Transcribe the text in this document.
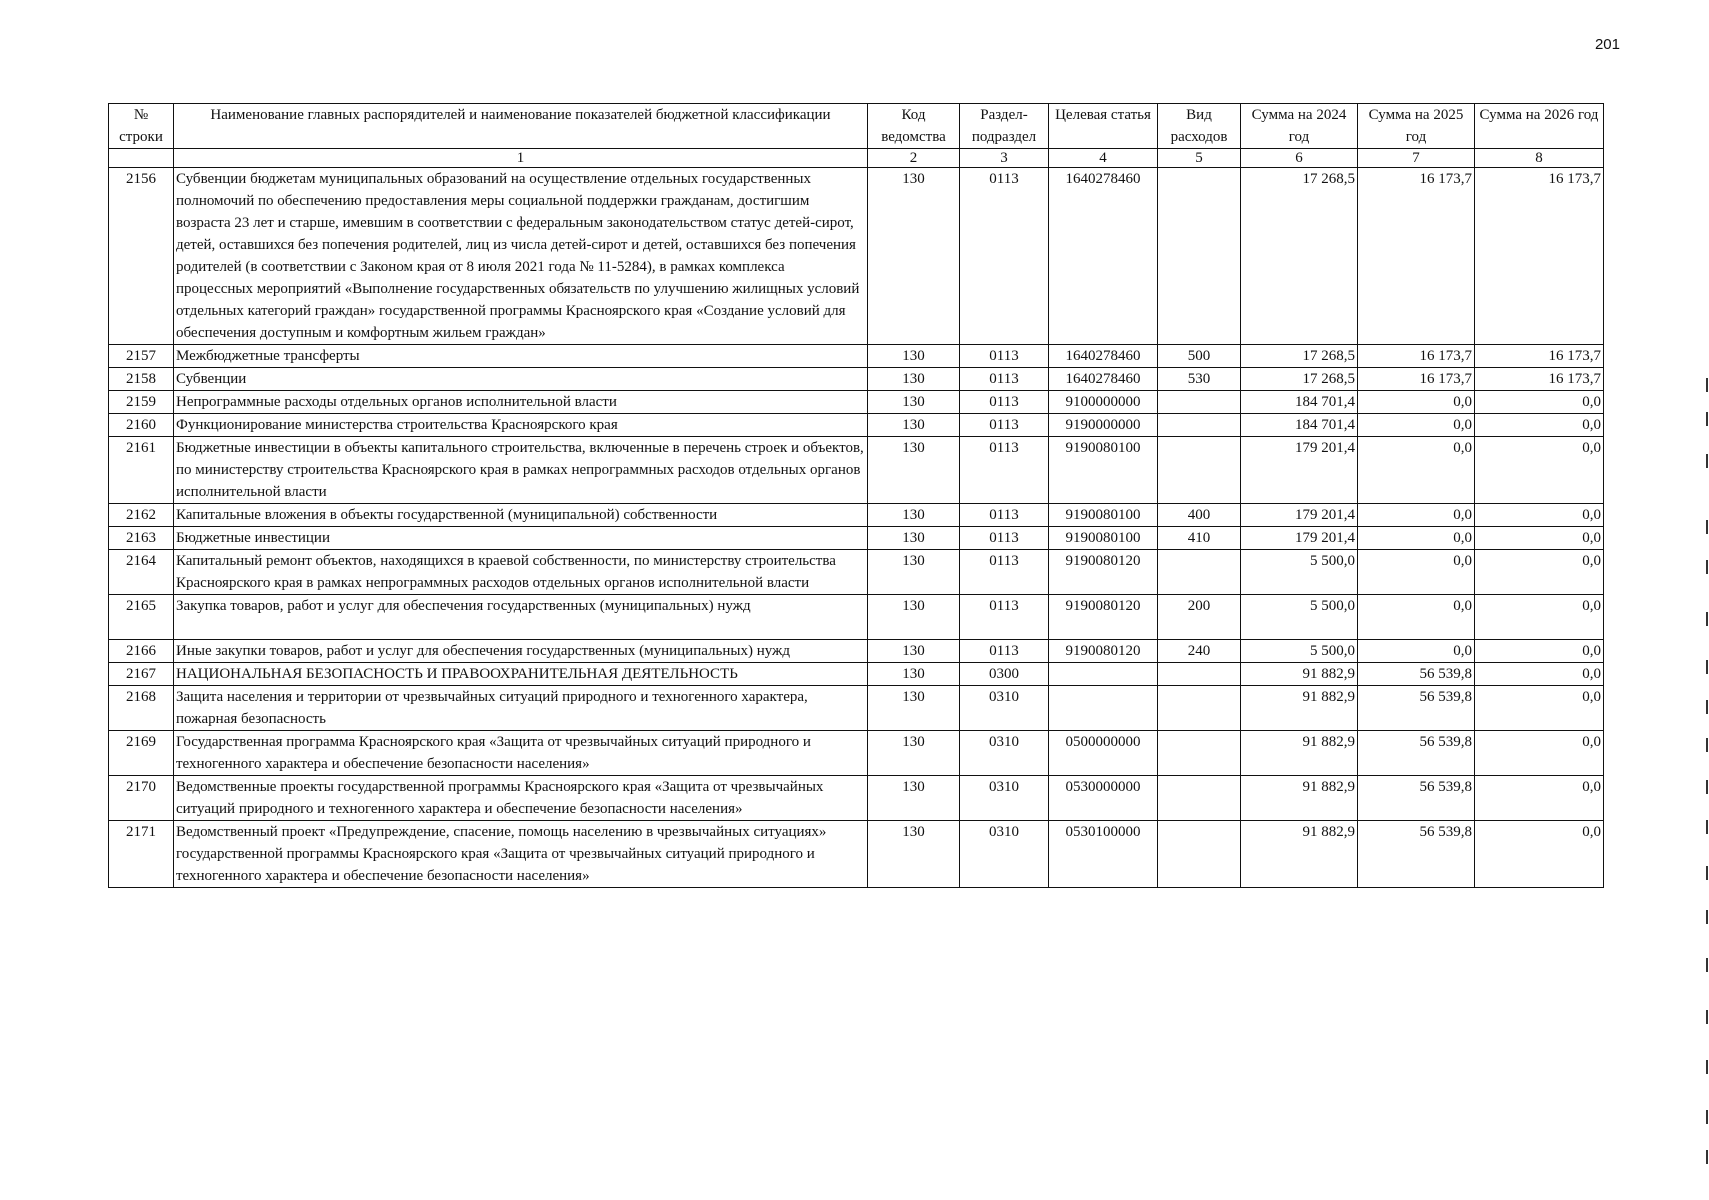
201
№ строки	Наименование главных распорядителей и наименование показателей бюджетной классификации	Код ведомства	Раздел-подраздел	Целевая статья	Вид расходов	Сумма на 2024 год	Сумма на 2025 год	Сумма на 2026 год
	1	2	3	4	5	6	7	8
2156	Субвенции бюджетам муниципальных образований на осуществление отдельных государственных полномочий по обеспечению предоставления меры социальной поддержки гражданам, достигшим возраста 23 лет и старше, имевшим в соответствии с федеральным законодательством статус детей-сирот, детей, оставшихся без попечения родителей, лиц из числа детей-сирот и детей, оставшихся без попечения родителей (в соответствии с Законом края от 8 июля 2021 года № 11-5284), в рамках комплекса процессных мероприятий «Выполнение государственных обязательств по улучшению жилищных условий отдельных категорий граждан» государственной программы Красноярского края «Создание условий для обеспечения доступным и комфортным жильем граждан»	130	0113	1640278460		17 268,5	16 173,7	16 173,7
2157	Межбюджетные трансферты	130	0113	1640278460	500	17 268,5	16 173,7	16 173,7
2158	Субвенции	130	0113	1640278460	530	17 268,5	16 173,7	16 173,7
2159	Непрограммные расходы отдельных органов исполнительной власти	130	0113	9100000000		184 701,4	0,0	0,0
2160	Функционирование министерства строительства Красноярского края	130	0113	9190000000		184 701,4	0,0	0,0
2161	Бюджетные инвестиции в объекты капитального строительства, включенные в перечень строек и объектов, по министерству строительства Красноярского края в рамках непрограммных расходов отдельных органов исполнительной власти	130	0113	9190080100		179 201,4	0,0	0,0
2162	Капитальные вложения в объекты государственной (муниципальной) собственности	130	0113	9190080100	400	179 201,4	0,0	0,0
2163	Бюджетные инвестиции	130	0113	9190080100	410	179 201,4	0,0	0,0
2164	Капитальный ремонт объектов, находящихся в краевой собственности, по министерству строительства Красноярского края в рамках непрограммных расходов отдельных органов исполнительной власти	130	0113	9190080120		5 500,0	0,0	0,0
2165	Закупка товаров, работ и услуг для обеспечения государственных (муниципальных) нужд	130	0113	9190080120	200	5 500,0	0,0	0,0
2166	Иные закупки товаров, работ и услуг для обеспечения государственных (муниципальных) нужд	130	0113	9190080120	240	5 500,0	0,0	0,0
2167	НАЦИОНАЛЬНАЯ БЕЗОПАСНОСТЬ И ПРАВООХРАНИТЕЛЬНАЯ ДЕЯТЕЛЬНОСТЬ	130	0300			91 882,9	56 539,8	0,0
2168	Защита населения и территории от чрезвычайных ситуаций природного и техногенного характера, пожарная безопасность	130	0310			91 882,9	56 539,8	0,0
2169	Государственная программа Красноярского края «Защита от чрезвычайных ситуаций природного и техногенного характера и обеспечение безопасности населения»	130	0310	0500000000		91 882,9	56 539,8	0,0
2170	Ведомственные проекты государственной программы Красноярского края «Защита от чрезвычайных ситуаций природного и техногенного характера и обеспечение безопасности населения»	130	0310	0530000000		91 882,9	56 539,8	0,0
2171	Ведомственный проект «Предупреждение, спасение, помощь населению в чрезвычайных ситуациях» государственной программы Красноярского края «Защита от чрезвычайных ситуаций природного и техногенного характера и обеспечение безопасности населения»	130	0310	0530100000		91 882,9	56 539,8	0,0
